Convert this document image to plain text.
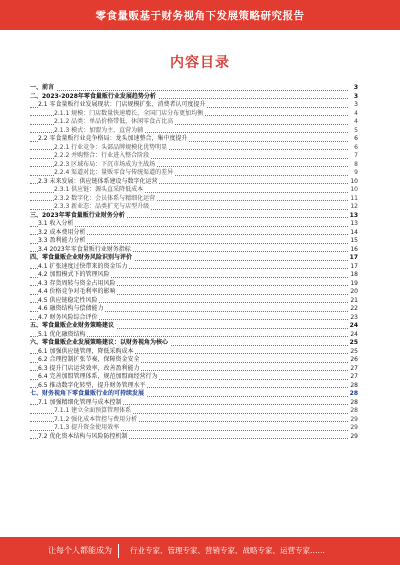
零食量贩基于财务视角下发展策略研究报告
内容目录
一、前言	3
二、2023-2028年零食量贩行业发展趋势分析	3
2.1 零食量贩行业发展现状：门店规模扩张、消费者认可度提升	3
2.1.1 规模：门店数量快速增长，全国门店分布更加均衡	4
2.1.2 品类：单品价格带低，休闲零食占比高	4
2.1.3 模式：加盟为主，直营为辅	5
2.2 零食量贩行业竞争格局：龙头加速整合，集中度提升	6
2.2.1 行业竞争：头部品牌规模化优势明显	6
2.2.2 并购整合：行业进入整合阶段	7
2.2.3 区域布局：下沉市场成为主战场	8
2.2.4 渠道对比：量贩零食与传统渠道的差异	9
2.3 未来发展：供应链体系建设与数字化运营	10
2.3.1 供应链：源头直采降低成本	10
2.3.2 数字化：会员体系与精细化运营	11
2.3.3 新业态：品类扩充与店型升级	12
三、2023年零食量贩行业财务分析	13
3.1 收入分析	13
3.2 成本费用分析	14
3.3 盈利能力分析	15
3.4 2023年零食量贩行业财务指标	16
四、零食量贩企业财务风险识别与评价	17
4.1 扩张速度过快带来的资金压力	17
4.2 加盟模式下的管理风险	18
4.3 存货周转与资金占用风险	19
4.4 价格竞争对毛利率的影响	20
4.5 供应链稳定性风险	21
4.6 融资结构与偿债能力	22
4.7 财务风险综合评价	23
五、零食量贩企业财务策略建议	24
5.1 优化融资结构	24
六、零食量贩企业发展策略建议：以财务视角为核心	25
6.1 加强供应链管理，降低采购成本	25
6.2 合理控制扩张节奏，保障资金安全	26
6.3 提升门店运营效率，改善盈利能力	27
6.4 完善加盟管理体系，规范加盟商经营行为	27
6.5 推动数字化转型，提升财务管理水平	28
七、财务视角下零食量贩行业的可持续发展	28
7.1 加强精细化管理与成本控制	28
7.1.1 建立全面预算管理体系	28
7.1.2 强化成本管控与费用分析	29
7.1.3 提升资金使用效率	29
7.2 优化资本结构与风险防控机制	29
让每个人都能成为 行业专家、管理专家、营销专家、战略专家、运营专家……
